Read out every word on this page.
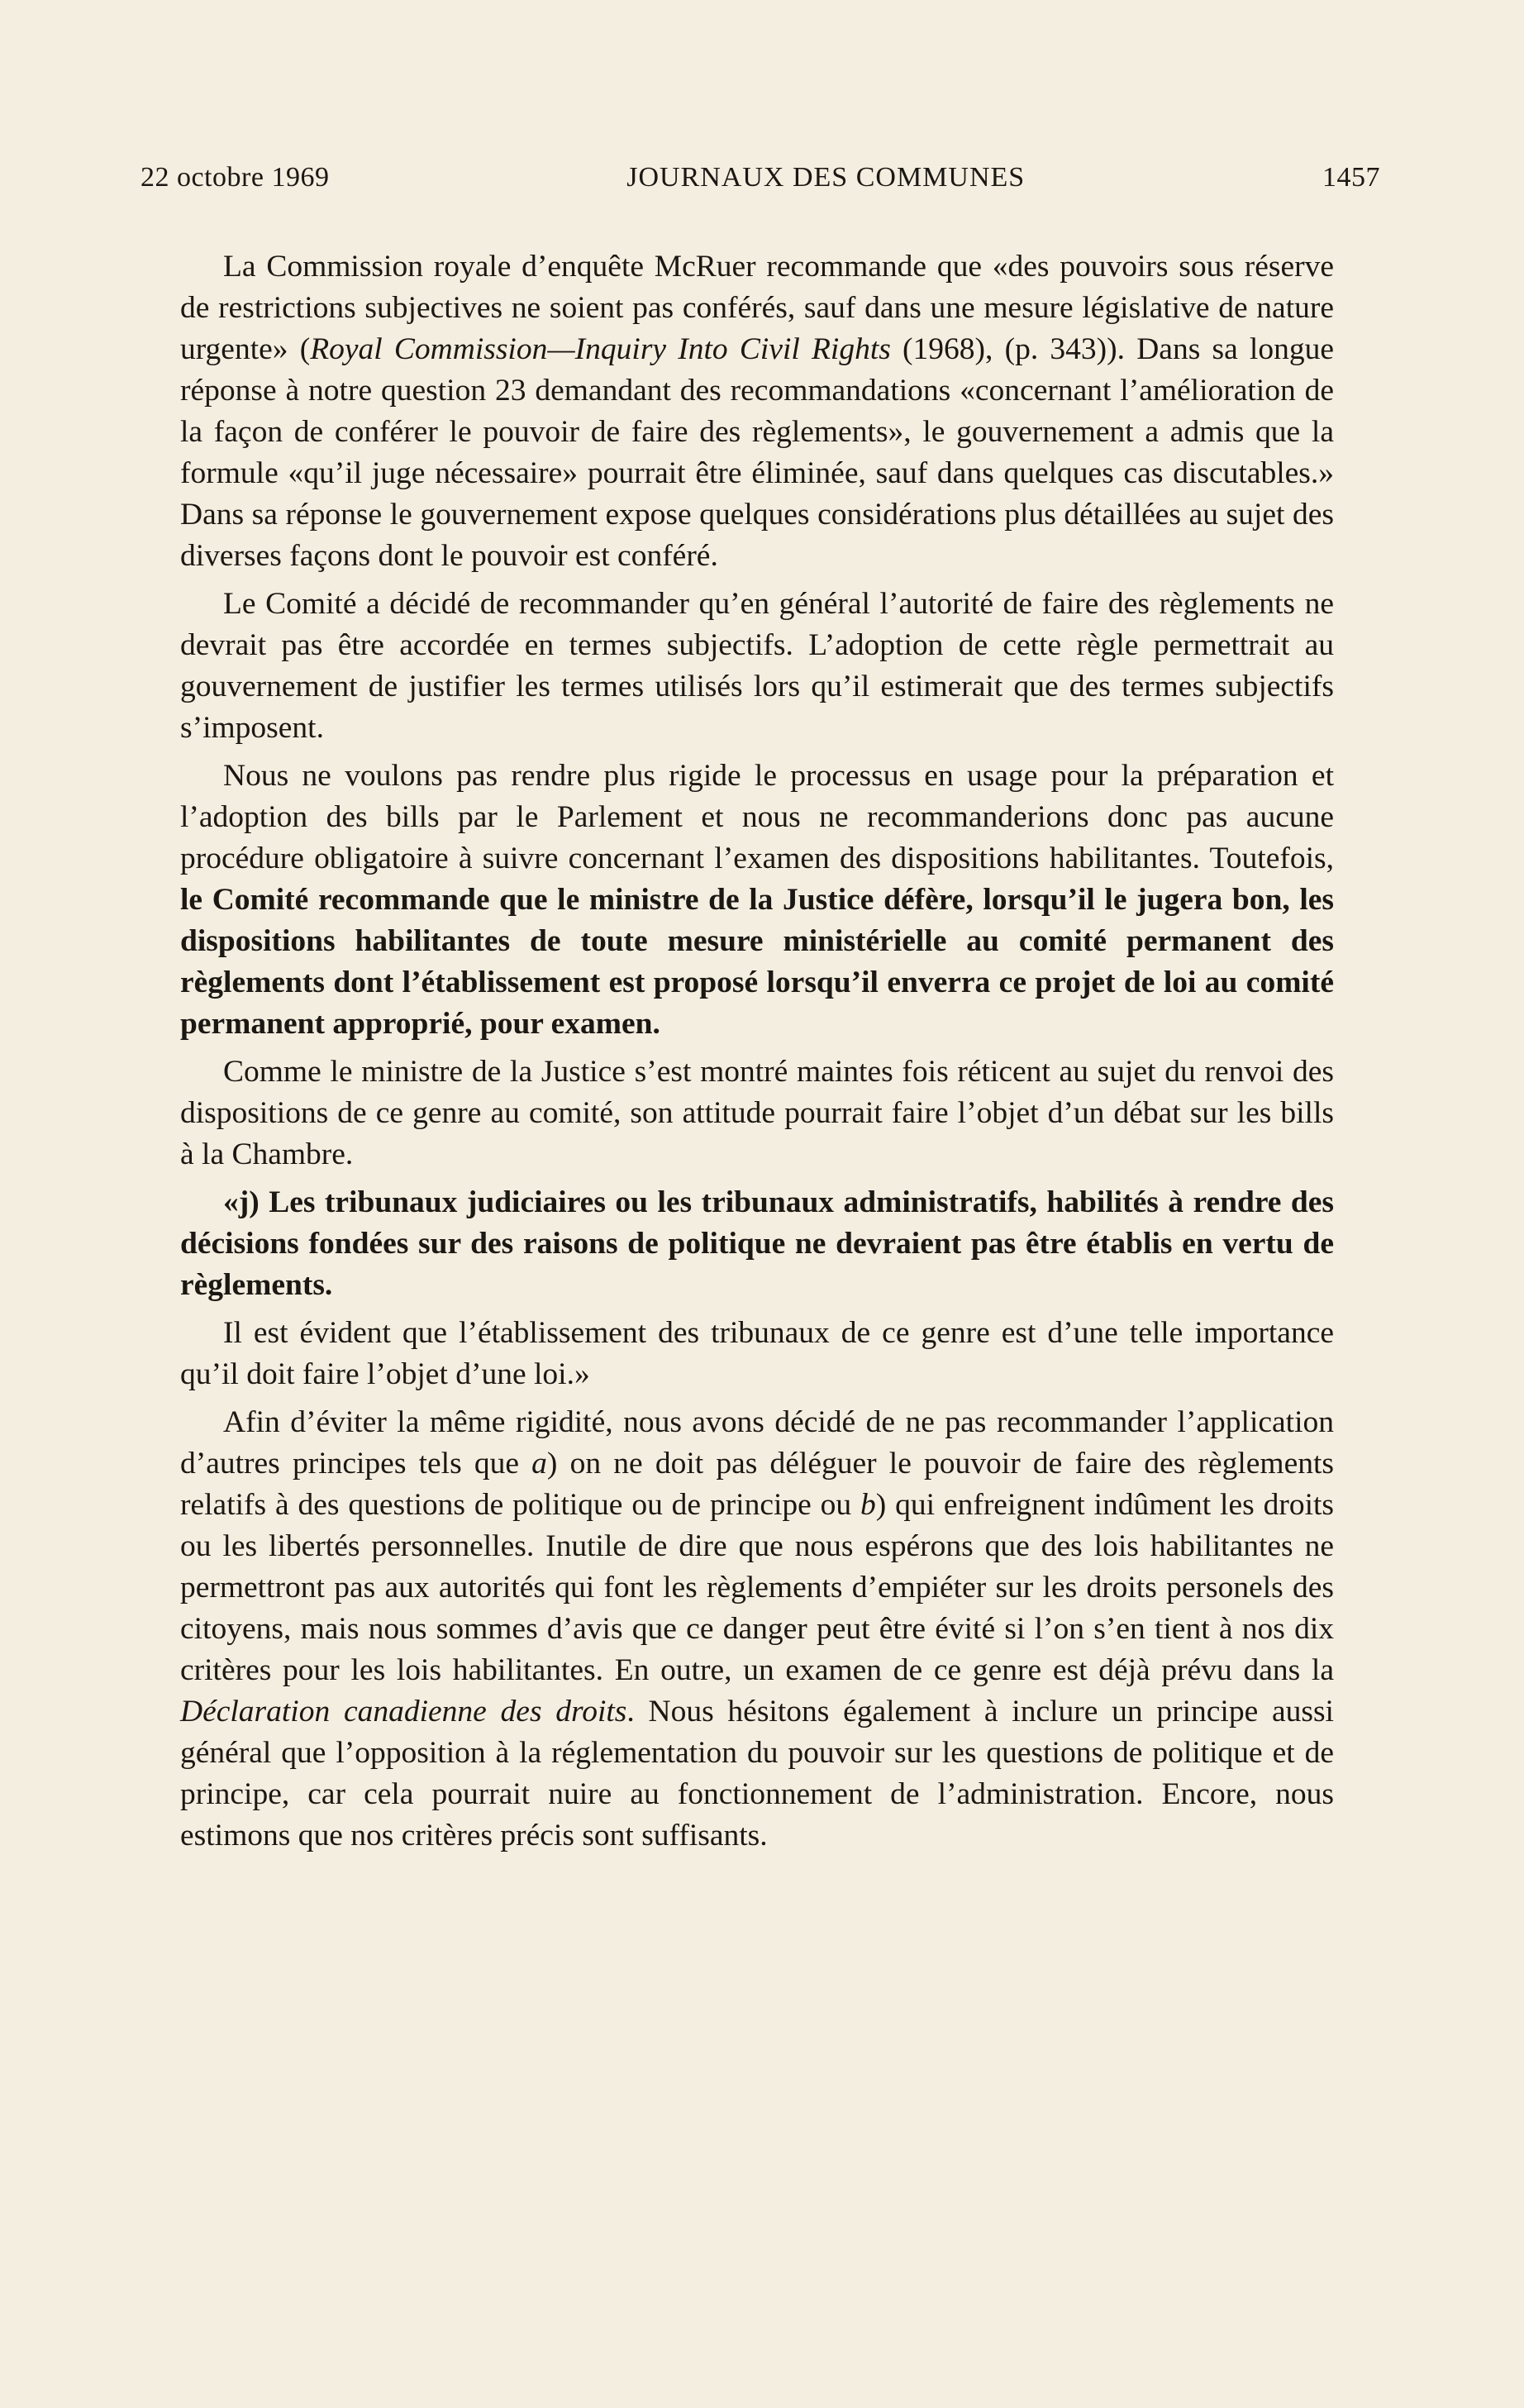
22 octobre 1969	JOURNAUX DES COMMUNES	1457

La Commission royale d’enquête McRuer recommande que «des pouvoirs sous réserve de restrictions subjectives ne soient pas conférés, sauf dans une mesure législative de nature urgente» (Royal Commission—Inquiry Into Civil Rights (1968), (p. 343)). Dans sa longue réponse à notre question 23 demandant des recommandations «concernant l’amélioration de la façon de conférer le pouvoir de faire des règlements», le gouvernement a admis que la formule «qu’il juge nécessaire» pourrait être éliminée, sauf dans quelques cas discutables.» Dans sa réponse le gouvernement expose quelques considérations plus détaillées au sujet des diverses façons dont le pouvoir est conféré.

Le Comité a décidé de recommander qu’en général l’autorité de faire des règlements ne devrait pas être accordée en termes subjectifs. L’adoption de cette règle permettrait au gouvernement de justifier les termes utilisés lors qu’il estimerait que des termes subjectifs s’imposent.

Nous ne voulons pas rendre plus rigide le processus en usage pour la préparation et l’adoption des bills par le Parlement et nous ne recommanderions donc pas aucune procédure obligatoire à suivre concernant l’examen des dispositions habilitantes. Toutefois, le Comité recommande que le ministre de la Justice défère, lorsqu’il le jugera bon, les dispositions habilitantes de toute mesure ministérielle au comité permanent des règlements dont l’établissement est proposé lorsqu’il enverra ce projet de loi au comité permanent approprié, pour examen.

Comme le ministre de la Justice s’est montré maintes fois réticent au sujet du renvoi des dispositions de ce genre au comité, son attitude pourrait faire l’objet d’un débat sur les bills à la Chambre.

«j) Les tribunaux judiciaires ou les tribunaux administratifs, habilités à rendre des décisions fondées sur des raisons de politique ne devraient pas être établis en vertu de règlements.

Il est évident que l’établissement des tribunaux de ce genre est d’une telle importance qu’il doit faire l’objet d’une loi.»

Afin d’éviter la même rigidité, nous avons décidé de ne pas recommander l’application d’autres principes tels que a) on ne doit pas déléguer le pouvoir de faire des règlements relatifs à des questions de politique ou de principe ou b) qui enfreignent indûment les droits ou les libertés personnelles. Inutile de dire que nous espérons que des lois habilitantes ne permettront pas aux autorités qui font les règlements d’empiéter sur les droits personels des citoyens, mais nous sommes d’avis que ce danger peut être évité si l’on s’en tient à nos dix critères pour les lois habilitantes. En outre, un examen de ce genre est déjà prévu dans la Déclaration canadienne des droits. Nous hésitons également à inclure un principe aussi général que l’opposition à la réglementation du pouvoir sur les questions de politique et de principe, car cela pourrait nuire au fonctionnement de l’administration. Encore, nous estimons que nos critères précis sont suffisants.
